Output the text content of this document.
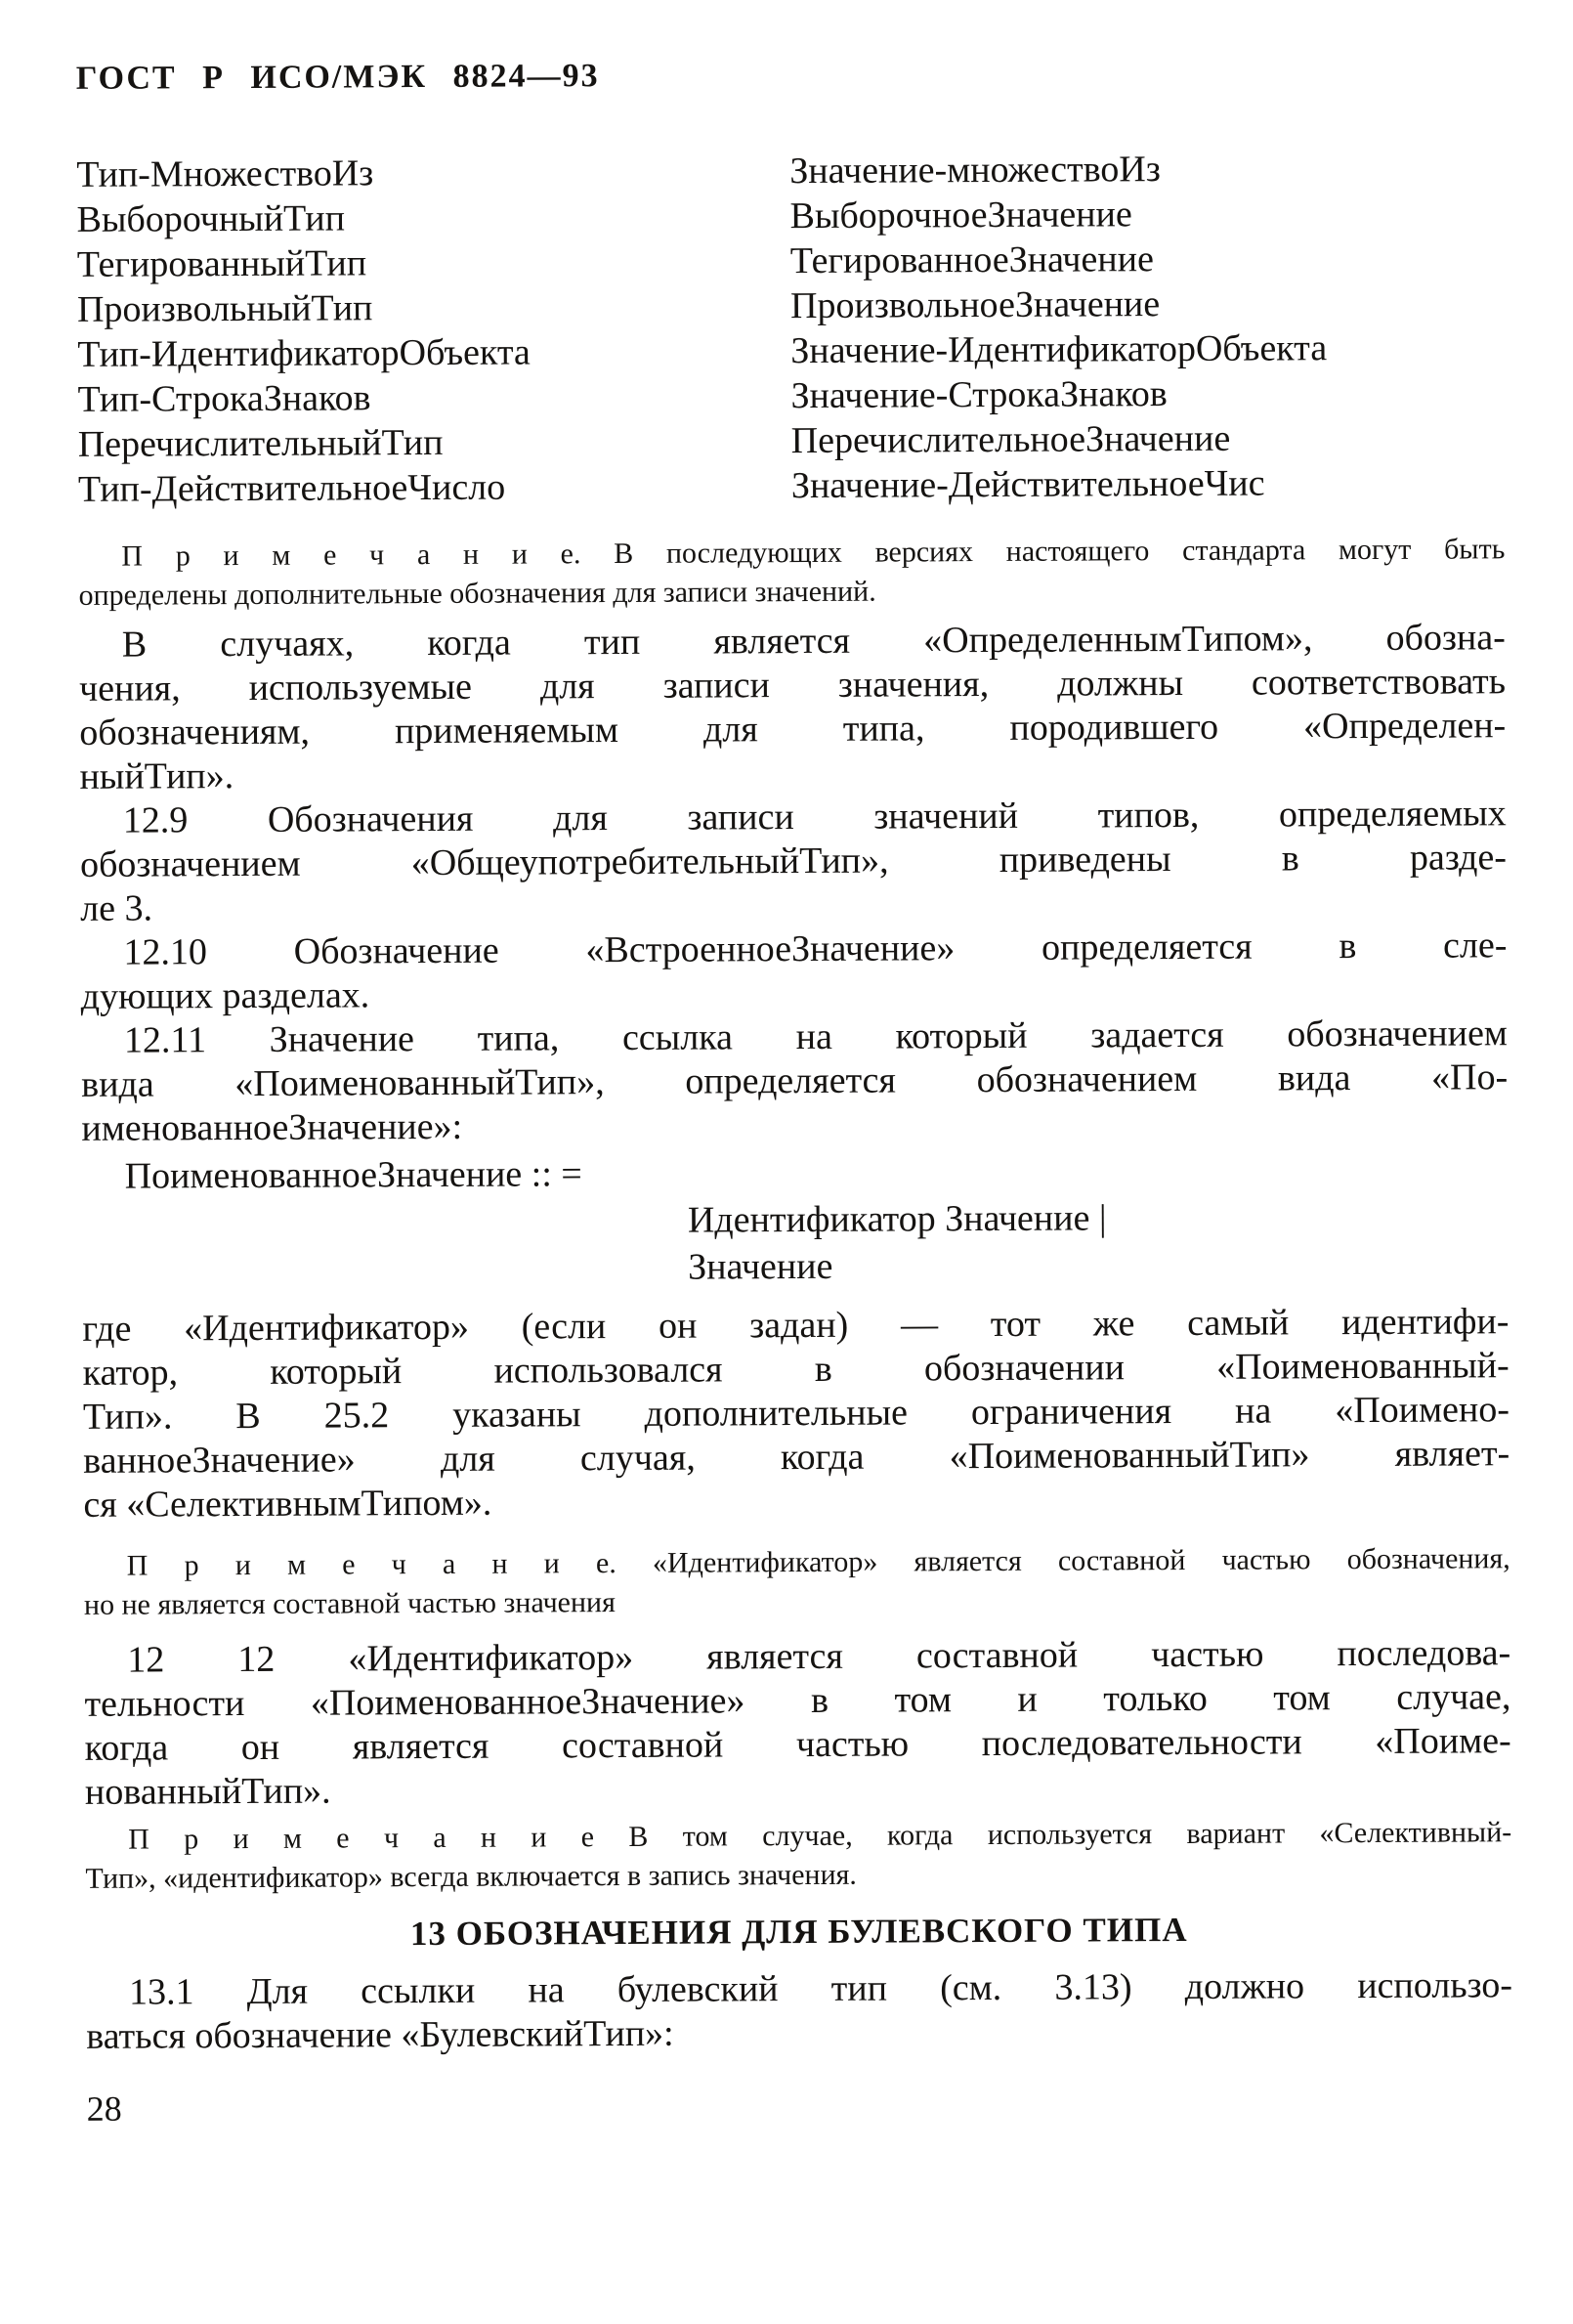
ГОСТ Р ИСО/МЭК 8824—93
Тип-МножествоИз	Значение-множествоИз
ВыборочныйТип	ВыборочноеЗначение
ТегированныйТип	ТегированноеЗначение
ПроизвольныйТип	ПроизвольноеЗначение
Тип-ИдентификаторОбъекта	Значение-ИдентификаторОбъекта
Тип-СтрокаЗнаков	Значение-СтрокаЗнаков
ПеречислительныйТип	ПеречислительноеЗначение
Тип-ДействительноеЧисло	Значение-ДействительноеЧис
П р и м е ч а н и е. В последующих версиях настоящего стандарта могут быть
определены дополнительные обозначения для записи значений.
В случаях, когда тип является «ОпределеннымТипом», обозна-
чения, используемые для записи значения, должны соответствовать
обозначениям, применяемым для типа, породившего «Определен-
ныйТип».
12.9 Обозначения для записи значений типов, определяемых
обозначением «ОбщеупотребительныйТип», приведены в разде-
ле 3.
12.10 Обозначение «ВстроенноеЗначение» определяется в сле-
дующих разделах.
12.11 Значение типа, ссылка на который задается обозначением
вида «ПоименованныйТип», определяется обозначением вида «По-
именованноеЗначение»:
ПоименованноеЗначение :: =
Идентификатор Значение |
Значение
где «Идентификатор» (если он задан) — тот же самый идентифи-
катор, который использовался в обозначении «Поименованный-
Тип». В 25.2 указаны дополнительные ограничения на «Поимено-
ванноеЗначение» для случая, когда «ПоименованныйТип» являет-
ся «СелективнымТипом».
П р и м е ч а н и е. «Идентификатор» является составной частью обозначения,
но не является составной частью значения
12 12 «Идентификатор» является составной частью последова-
тельности «ПоименованноеЗначение» в том и только том случае,
когда он является составной частью последовательности «Поиме-
нованныйТип».
П р и м е ч а н и е В том случае, когда используется вариант «Селективный-
Тип», «идентификатор» всегда включается в запись значения.
13 ОБОЗНАЧЕНИЯ ДЛЯ БУЛЕВСКОГО ТИПА
13.1 Для ссылки на булевский тип (см. 3.13) должно использо-
ваться обозначение «БулевскийТип»:
28
